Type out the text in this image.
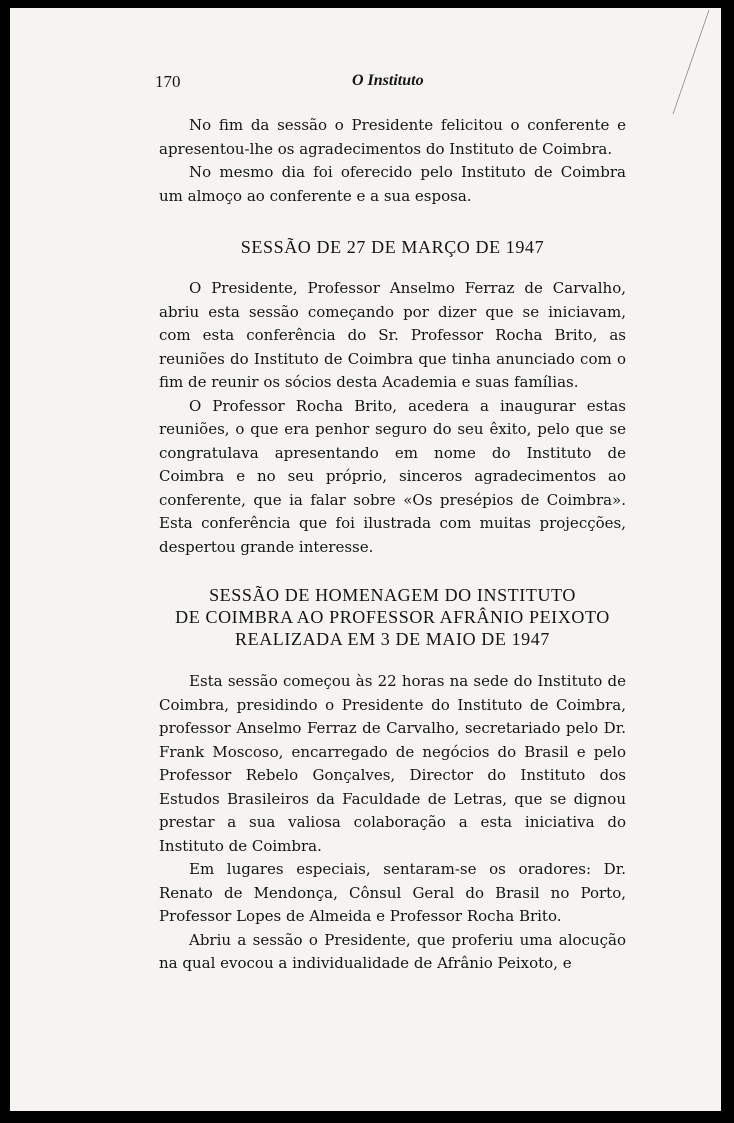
170	O Instituto

No fim da sessão o Presidente felicitou o conferente e apresentou-lhe os agradecimentos do Instituto de Coimbra.

No mesmo dia foi oferecido pelo Instituto de Coimbra um almoço ao conferente e a sua esposa.

SESSÃO DE 27 DE MARÇO DE 1947

O Presidente, Professor Anselmo Ferraz de Carvalho, abriu esta sessão começando por dizer que se iniciavam, com esta conferência do Sr. Professor Rocha Brito, as reuniões do Instituto de Coimbra que tinha anunciado com o fim de reunir os sócios desta Academia e suas famílias.

O Professor Rocha Brito, acedera a inaugurar estas reuniões, o que era penhor seguro do seu êxito, pelo que se congratulava apresentando em nome do Instituto de Coimbra e no seu próprio, sinceros agradecimentos ao conferente, que ia falar sobre «Os presépios de Coimbra». Esta conferência que foi ilustrada com muitas projecções, despertou grande interesse.

SESSÃO DE HOMENAGEM DO INSTITUTO
DE COIMBRA AO PROFESSOR AFRÂNIO PEIXOTO
REALIZADA EM 3 DE MAIO DE 1947

Esta sessão começou às 22 horas na sede do Instituto de Coimbra, presidindo o Presidente do Instituto de Coimbra, professor Anselmo Ferraz de Carvalho, secretariado pelo Dr. Frank Moscoso, encarregado de negócios do Brasil e pelo Professor Rebelo Gonçalves, Director do Instituto dos Estudos Brasileiros da Faculdade de Letras, que se dignou prestar a sua valiosa colaboração a esta iniciativa do Instituto de Coimbra.

Em lugares especiais, sentaram-se os oradores: Dr. Renato de Mendonça, Cônsul Geral do Brasil no Porto, Professor Lopes de Almeida e Professor Rocha Brito.

Abriu a sessão o Presidente, que proferiu uma alocução na qual evocou a individualidade de Afrânio Peixoto, e
